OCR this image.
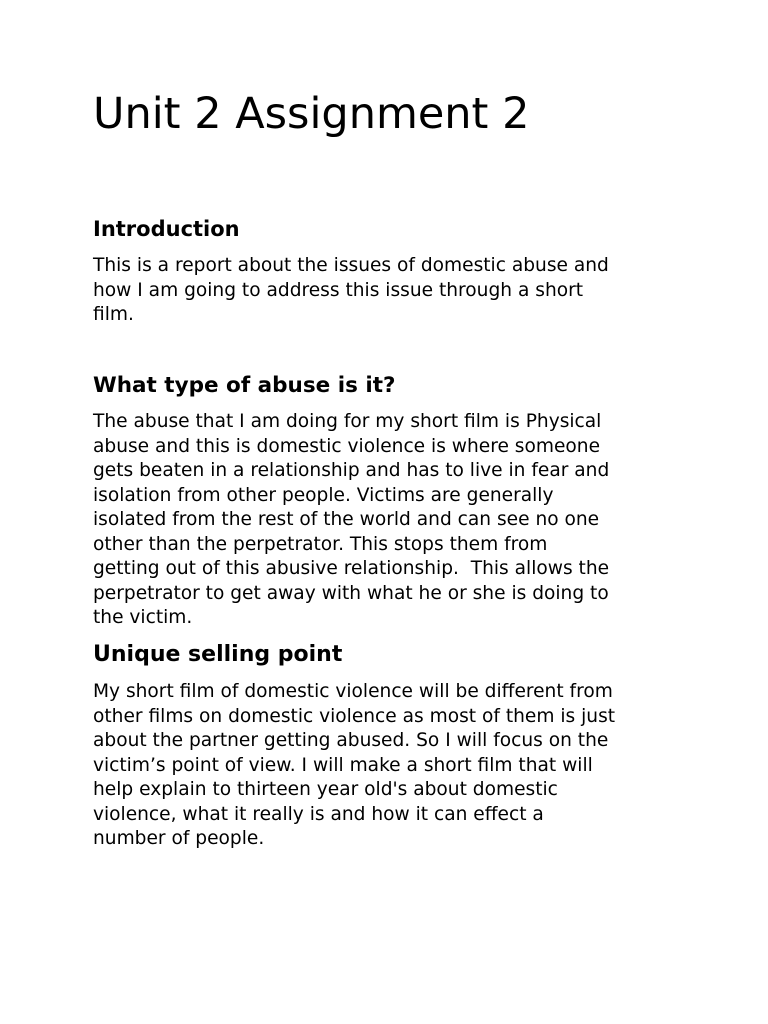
Unit 2 Assignment 2
Introduction

This is a report about the issues of domestic abuse and
how I am going to address this issue through a short
film.

What type of abuse is it?

The abuse that I am doing for my short film is Physical
abuse and this is domestic violence is where someone
gets beaten in a relationship and has to live in fear and
isolation from other people. Victims are generally
isolated from the rest of the world and can see no one
other than the perpetrator. This stops them from
getting out of this abusive relationship.  This allows the
perpetrator to get away with what he or she is doing to
the victim.

Unique selling point

My short film of domestic violence will be different from
other films on domestic violence as most of them is just
about the partner getting abused. So I will focus on the
victim’s point of view. I will make a short film that will
help explain to thirteen year old's about domestic
violence, what it really is and how it can effect a
number of people.
